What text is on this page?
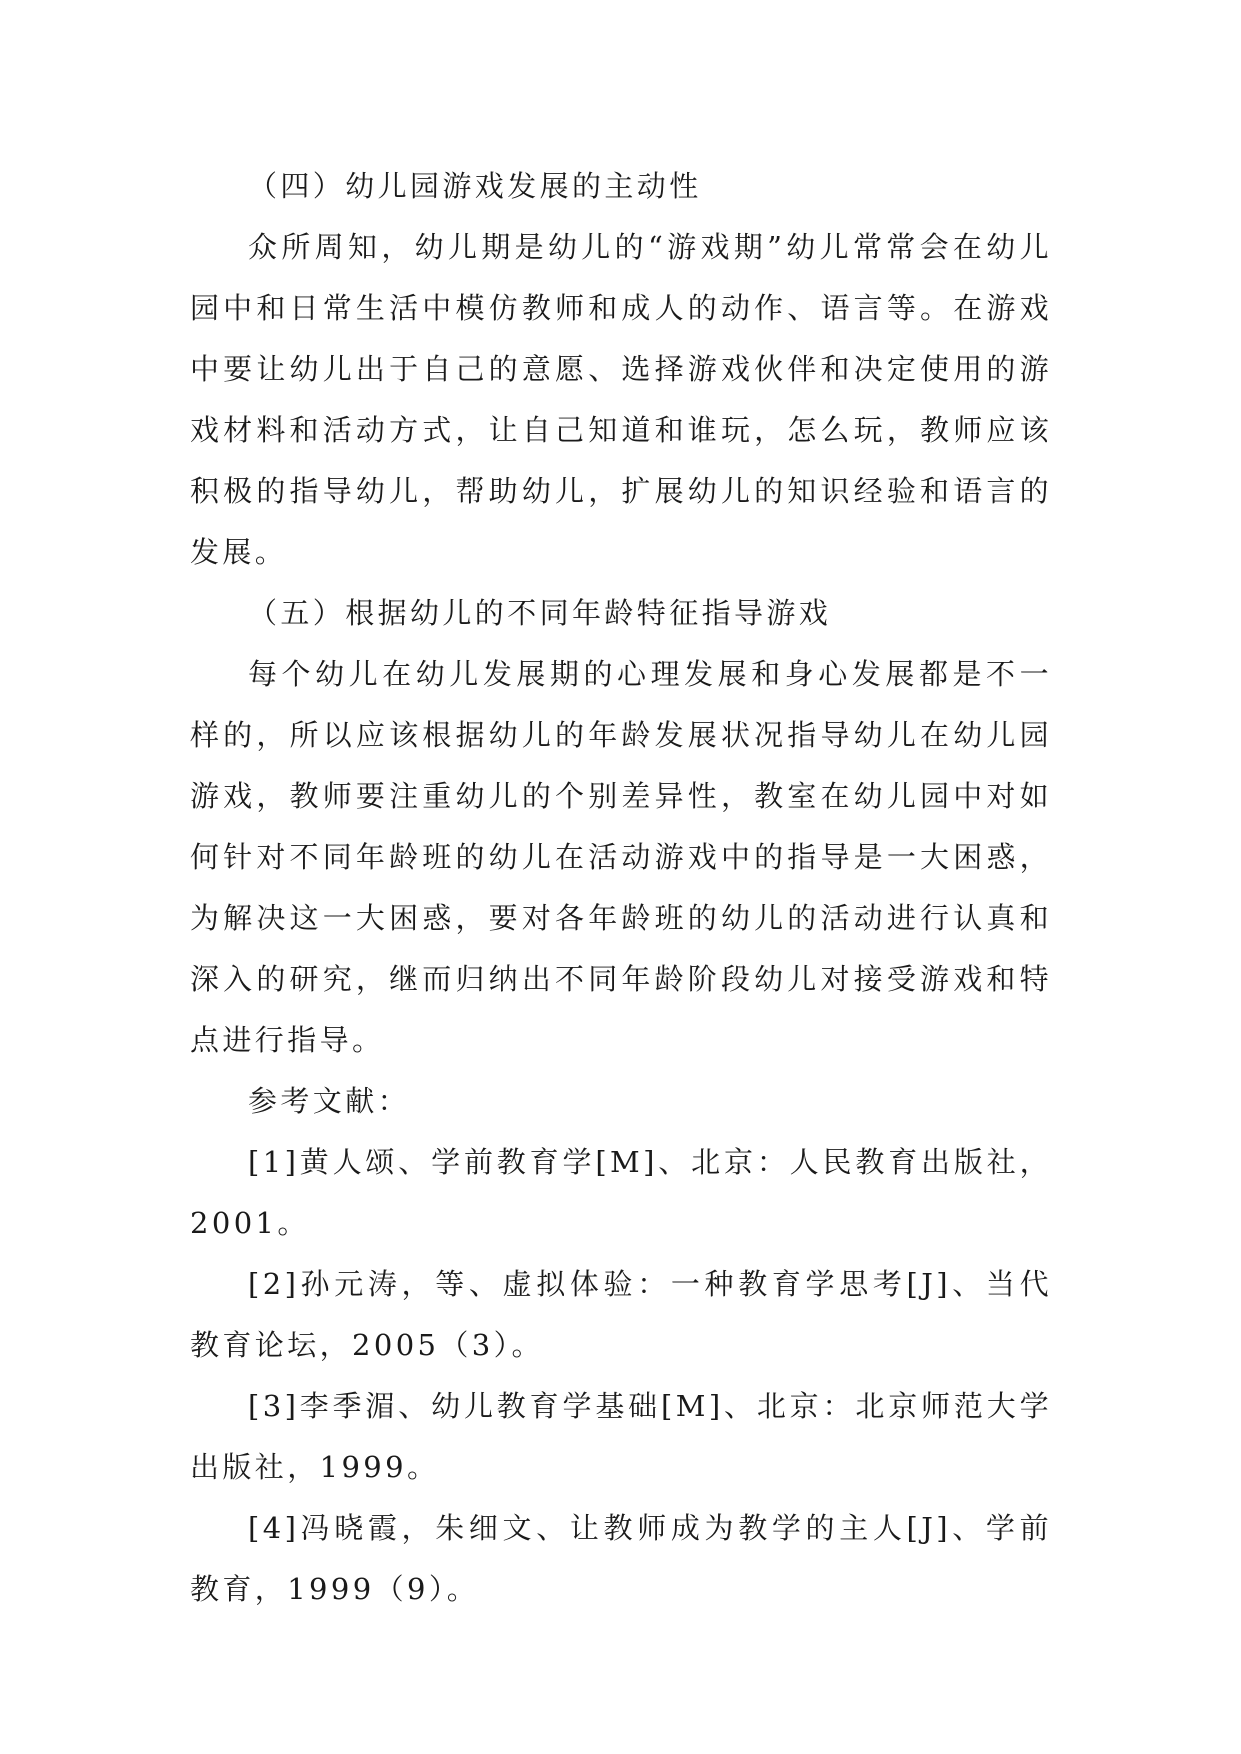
（四）幼儿园游戏发展的主动性

众所周知，幼儿期是幼儿的“游戏期”幼儿常常会在幼儿园中和日常生活中模仿教师和成人的动作、语言等。在游戏中要让幼儿出于自己的意愿、选择游戏伙伴和决定使用的游戏材料和活动方式，让自己知道和谁玩，怎么玩，教师应该积极的指导幼儿，帮助幼儿，扩展幼儿的知识经验和语言的发展。

（五）根据幼儿的不同年龄特征指导游戏

每个幼儿在幼儿发展期的心理发展和身心发展都是不一样的，所以应该根据幼儿的年龄发展状况指导幼儿在幼儿园游戏，教师要注重幼儿的个别差异性，教室在幼儿园中对如何针对不同年龄班的幼儿在活动游戏中的指导是一大困惑，为解决这一大困惑，要对各年龄班的幼儿的活动进行认真和深入的研究，继而归纳出不同年龄阶段幼儿对接受游戏和特点进行指导。

参考文献：

[1]黄人颂、学前教育学[M]、北京：人民教育出版社，2001。

[2]孙元涛，等、虚拟体验：一种教育学思考[J]、当代教育论坛，2005（3）。

[3]李季湄、幼儿教育学基础[M]、北京：北京师范大学出版社，1999。

[4]冯晓霞，朱细文、让教师成为教学的主人[J]、学前教育，1999（9）。
